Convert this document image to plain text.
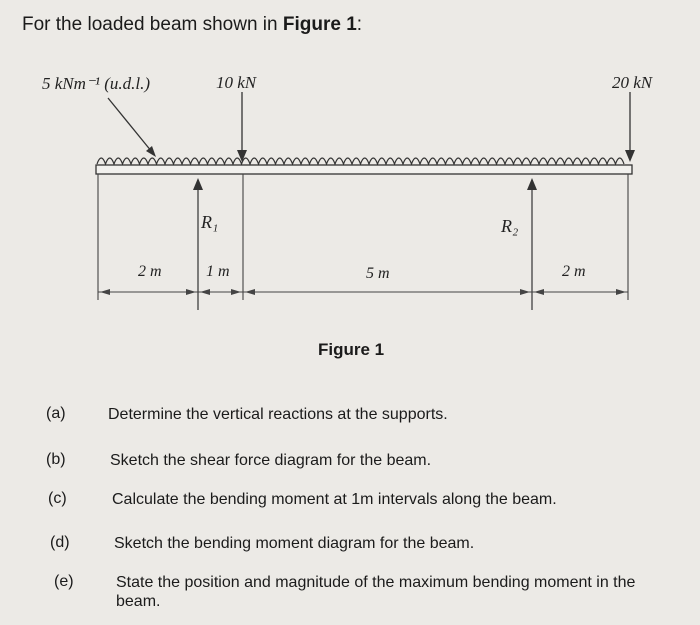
For the loaded beam shown in Figure 1:
5 kNm⁻¹ (u.d.l.)	10 kN	20 kN
R₁	R₂
2 m	1 m	5 m	2 m
Figure 1
(a)	Determine the vertical reactions at the supports.
(b)	Sketch the shear force diagram for the beam.
(c)	Calculate the bending moment at 1m intervals along the beam.
(d)	Sketch the bending moment diagram for the beam.
(e)	State the position and magnitude of the maximum bending moment in the beam.
